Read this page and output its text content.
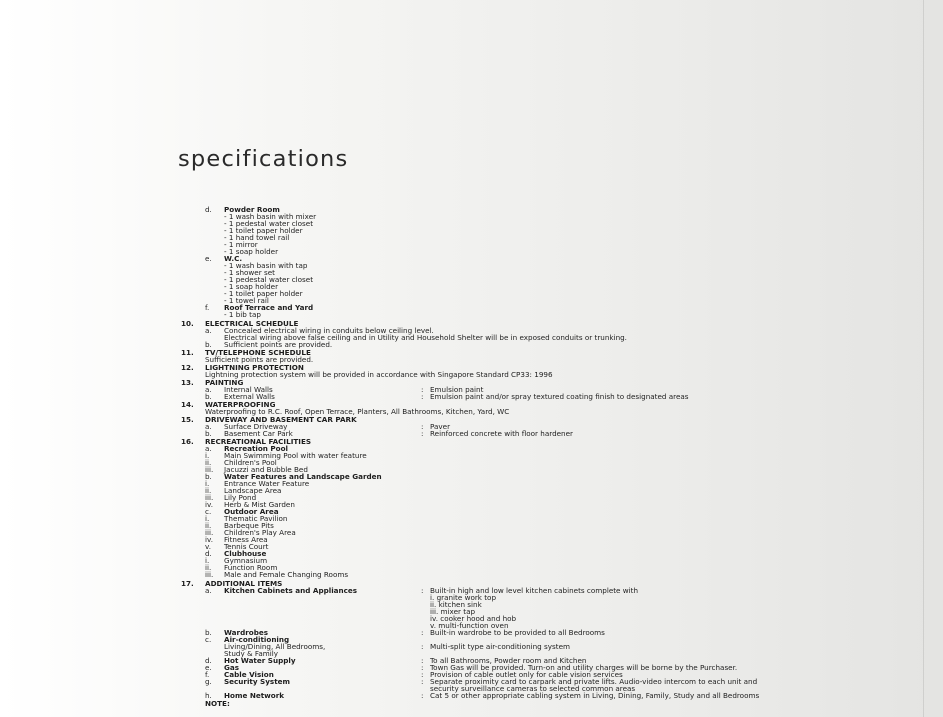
specifications
d. Powder Room
- 1 wash basin with mixer
- 1 pedestal water closet
- 1 toilet paper holder
- 1 hand towel rail
- 1 mirror
- 1 soap holder
e. W.C.
- 1 wash basin with tap
- 1 shower set
- 1 pedestal water closet
- 1 soap holder
- 1 toilet paper holder
- 1 towel rail
f. Roof Terrace and Yard
- 1 bib tap
10. ELECTRICAL SCHEDULE
a. Concealed electrical wiring in conduits below ceiling level.
Electrical wiring above false ceiling and in Utility and Household Shelter will be in exposed conduits or trunking.
b. Sufficient points are provided.
11. TV/TELEPHONE SCHEDULE
Sufficient points are provided.
12. LIGHTNING PROTECTION
Lightning protection system will be provided in accordance with Singapore Standard CP33: 1996
13. PAINTING
a. Internal Walls	: Emulsion paint
b. External Walls	: Emulsion paint and/or spray textured coating finish to designated areas
14. WATERPROOFING
Waterproofing to R.C. Roof, Open Terrace, Planters, All Bathrooms, Kitchen, Yard, WC
15. DRIVEWAY AND BASEMENT CAR PARK
a. Surface Driveway	: Paver
b. Basement Car Park	: Reinforced concrete with floor hardener
16. RECREATIONAL FACILITIES
a. Recreation Pool
i. Main Swimming Pool with water feature
ii. Children's Pool
iii. Jacuzzi and Bubble Bed
b. Water Features and Landscape Garden
i. Entrance Water Feature
ii. Landscape Area
iii. Lily Pond
iv. Herb & Mist Garden
c. Outdoor Area
i. Thematic Pavilion
ii. Barbeque Pits
iii. Children's Play Area
iv. Fitness Area
v. Tennis Court
d. Clubhouse
i. Gymnasium
ii. Function Room
iii. Male and Female Changing Rooms
17. ADDITIONAL ITEMS
a. Kitchen Cabinets and Appliances	: Built-in high and low level kitchen cabinets complete with
i. granite work top
ii. kitchen sink
iii. mixer tap
iv. cooker hood and hob
v. multi-function oven
b. Wardrobes	: Built-in wardrobe to be provided to all Bedrooms
c. Air-conditioning
Living/Dining, All Bedrooms,	: Multi-split type air-conditioning system
Study & Family
d. Hot Water Supply	: To all Bathrooms, Powder room and Kitchen
e. Gas	: Town Gas will be provided. Turn-on and utility charges will be borne by the Purchaser.
f. Cable Vision	: Provision of cable outlet only for cable vision services
g. Security System	: Separate proximity card to carpark and private lifts. Audio-video intercom to each unit and
security surveillance cameras to selected common areas
h. Home Network	: Cat 5 or other appropriate cabling system in Living, Dining, Family, Study and all Bedrooms
NOTE:
